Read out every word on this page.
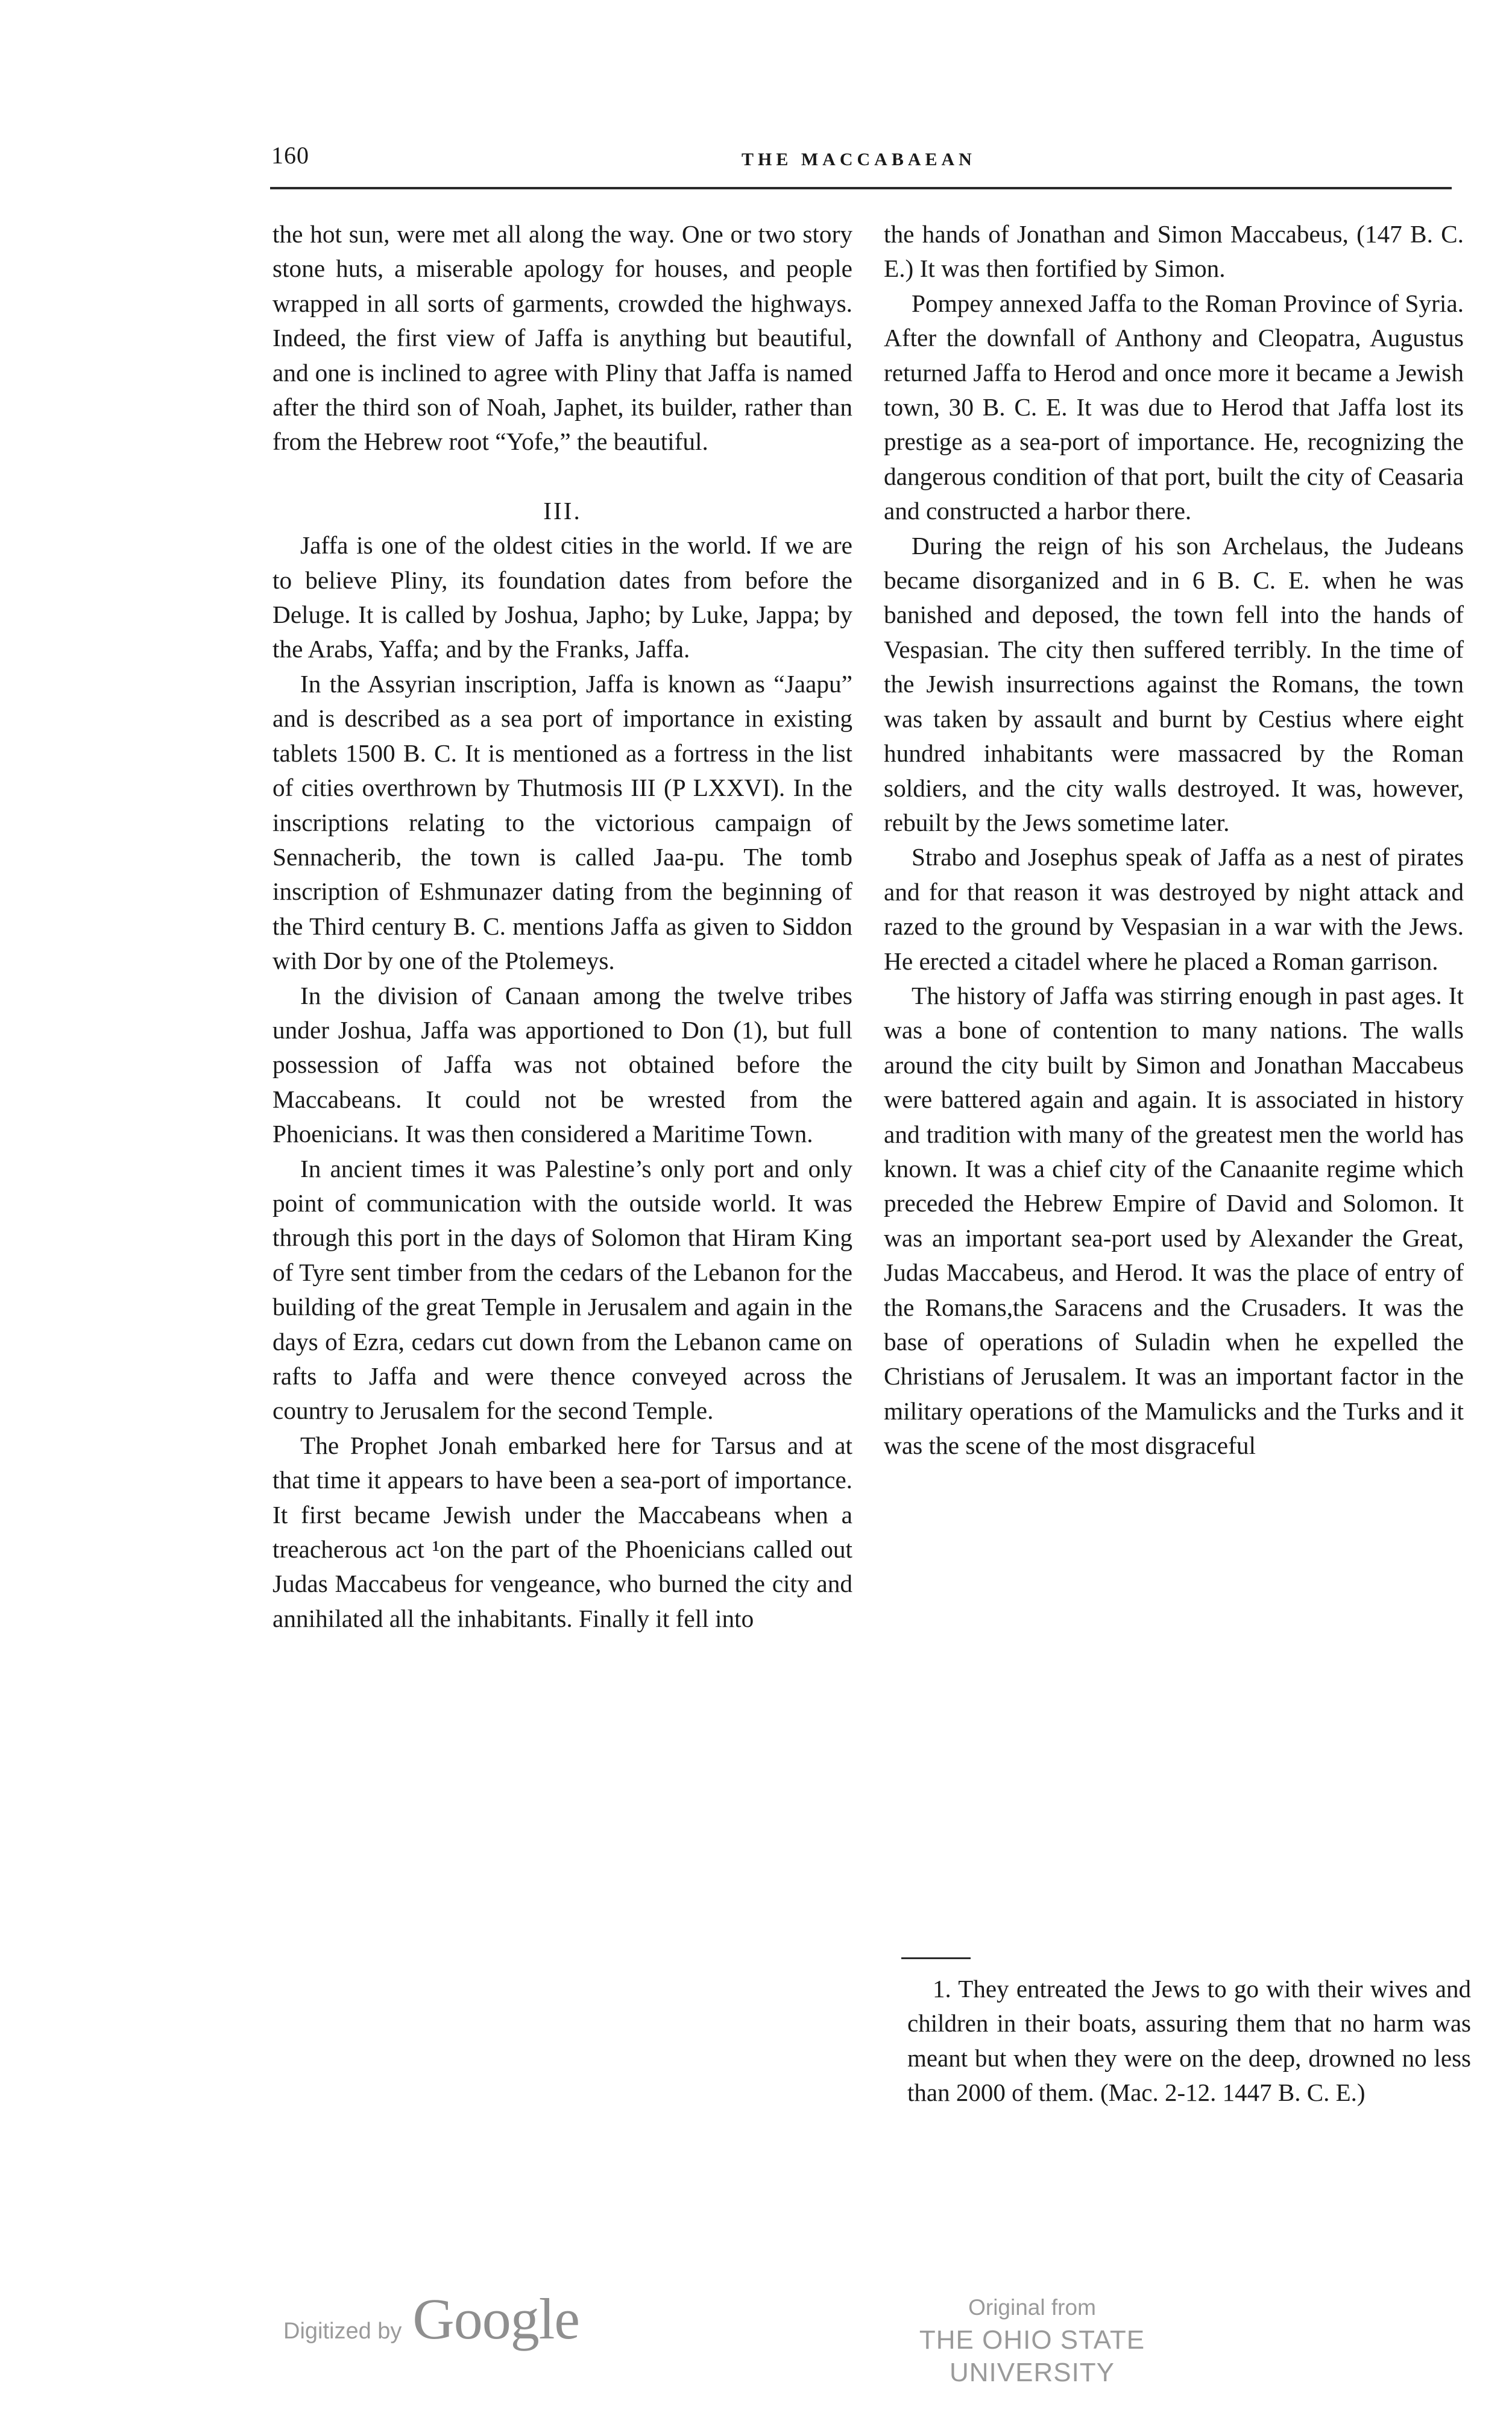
160	THE MACCABAEAN

the hot sun, were met all along the way. One or two story stone huts, a miserable apology for houses, and people wrapped in all sorts of garments, crowded the highways. Indeed, the first view of Jaffa is anything but beautiful, and one is inclined to agree with Pliny that Jaffa is named after the third son of Noah, Japhet, its builder, rather than from the Hebrew root “Yofe,” the beautiful.

III.

Jaffa is one of the oldest cities in the world. If we are to believe Pliny, its foundation dates from before the Deluge. It is called by Joshua, Japho; by Luke, Jappa; by the Arabs, Yaffa; and by the Franks, Jaffa.

In the Assyrian inscription, Jaffa is known as “Jaapu” and is described as a sea port of importance in existing tablets 1500 B. C. It is mentioned as a fortress in the list of cities overthrown by Thutmosis III (P LXXVI). In the inscriptions relating to the victorious campaign of Sennacherib, the town is called Jaa-pu. The tomb inscription of Eshmunazer dating from the beginning of the Third century B. C. mentions Jaffa as given to Siddon with Dor by one of the Ptolemeys.

In the division of Canaan among the twelve tribes under Joshua, Jaffa was apportioned to Don (1), but full possession of Jaffa was not obtained before the Maccabeans. It could not be wrested from the Phoenicians. It was then considered a Maritime Town.

In ancient times it was Palestine’s only port and only point of communication with the outside world. It was through this port in the days of Solomon that Hiram King of Tyre sent timber from the cedars of the Lebanon for the building of the great Temple in Jerusalem and again in the days of Ezra, cedars cut down from the Lebanon came on rafts to Jaffa and were thence conveyed across the country to Jerusalem for the second Temple.

The Prophet Jonah embarked here for Tarsus and at that time it appears to have been a sea-port of importance. It first became Jewish under the Maccabeans when a treacherous act ¹on the part of the Phoenicians called out Judas Maccabeus for vengeance, who burned the city and annihilated all the inhabitants. Finally it fell into

the hands of Jonathan and Simon Maccabeus, (147 B. C. E.) It was then fortified by Simon.

Pompey annexed Jaffa to the Roman Province of Syria. After the downfall of Anthony and Cleopatra, Augustus returned Jaffa to Herod and once more it became a Jewish town, 30 B. C. E. It was due to Herod that Jaffa lost its prestige as a sea-port of importance. He, recognizing the dangerous condition of that port, built the city of Ceasaria and constructed a harbor there.

During the reign of his son Archelaus, the Judeans became disorganized and in 6 B. C. E. when he was banished and deposed, the town fell into the hands of Vespasian. The city then suffered terribly. In the time of the Jewish insurrections against the Romans, the town was taken by assault and burnt by Cestius where eight hundred inhabitants were massacred by the Roman soldiers, and the city walls destroyed. It was, however, rebuilt by the Jews sometime later.

Strabo and Josephus speak of Jaffa as a nest of pirates and for that reason it was destroyed by night attack and razed to the ground by Vespasian in a war with the Jews. He erected a citadel where he placed a Roman garrison.

The history of Jaffa was stirring enough in past ages. It was a bone of contention to many nations. The walls around the city built by Simon and Jonathan Maccabeus were battered again and again. It is associated in history and tradition with many of the greatest men the world has known. It was a chief city of the Canaanite regime which preceded the Hebrew Empire of David and Solomon. It was an important sea-port used by Alexander the Great, Judas Maccabeus, and Herod. It was the place of entry of the Romans,the Saracens and the Crusaders. It was the base of operations of Suladin when he expelled the Christians of Jerusalem. It was an important factor in the military operations of the Mamulicks and the Turks and it was the scene of the most disgraceful

1. They entreated the Jews to go with their wives and children in their boats, assuring them that no harm was meant but when they were on the deep, drowned no less than 2000 of them. (Mac. 2-12. 1447 B. C. E.)

Digitized by Google	Original from
THE OHIO STATE UNIVERSITY
